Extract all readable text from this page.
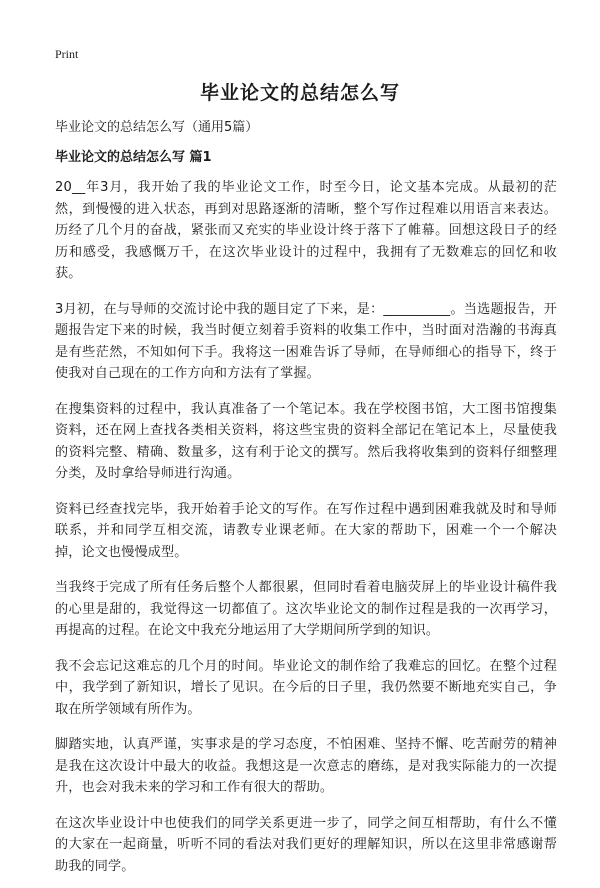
Print
毕业论文的总结怎么写

毕业论文的总结怎么写（通用5篇）

毕业论文的总结怎么写 篇1

20__年3月，我开始了我的毕业论文工作，时至今日，论文基本完成。从最初的茫然，到慢慢的进入状态，再到对思路逐渐的清晰，整个写作过程难以用语言来表达。历经了几个月的奋战，紧张而又充实的毕业设计终于落下了帷幕。回想这段日子的经历和感受，我感慨万千，在这次毕业设计的过程中，我拥有了无数难忘的回忆和收获。

3月初，在与导师的交流讨论中我的题目定了下来，是：__________。当选题报告，开题报告定下来的时候，我当时便立刻着手资料的收集工作中，当时面对浩瀚的书海真是有些茫然，不知如何下手。我将这一困难告诉了导师，在导师细心的指导下，终于使我对自己现在的工作方向和方法有了掌握。

在搜集资料的过程中，我认真准备了一个笔记本。我在学校图书馆，大工图书馆搜集资料，还在网上查找各类相关资料，将这些宝贵的资料全部记在笔记本上，尽量使我的资料完整、精确、数量多，这有利于论文的撰写。然后我将收集到的资料仔细整理分类，及时拿给导师进行沟通。

资料已经查找完毕，我开始着手论文的写作。在写作过程中遇到困难我就及时和导师联系，并和同学互相交流，请教专业课老师。在大家的帮助下，困难一个一个解决掉，论文也慢慢成型。

当我终于完成了所有任务后整个人都很累，但同时看着电脑荧屏上的毕业设计稿件我的心里是甜的，我觉得这一切都值了。这次毕业论文的制作过程是我的一次再学习，再提高的过程。在论文中我充分地运用了大学期间所学到的知识。

我不会忘记这难忘的几个月的时间。毕业论文的制作给了我难忘的回忆。在整个过程中，我学到了新知识，增长了见识。在今后的日子里，我仍然要不断地充实自己，争取在所学领域有所作为。

脚踏实地，认真严谨，实事求是的学习态度，不怕困难、坚持不懈、吃苦耐劳的精神是我在这次设计中最大的收益。我想这是一次意志的磨练，是对我实际能力的一次提升，也会对我未来的学习和工作有很大的帮助。

在这次毕业设计中也使我们的同学关系更进一步了，同学之间互相帮助，有什么不懂的大家在一起商量，听听不同的看法对我们更好的理解知识，所以在这里非常感谢帮助我的同学。
